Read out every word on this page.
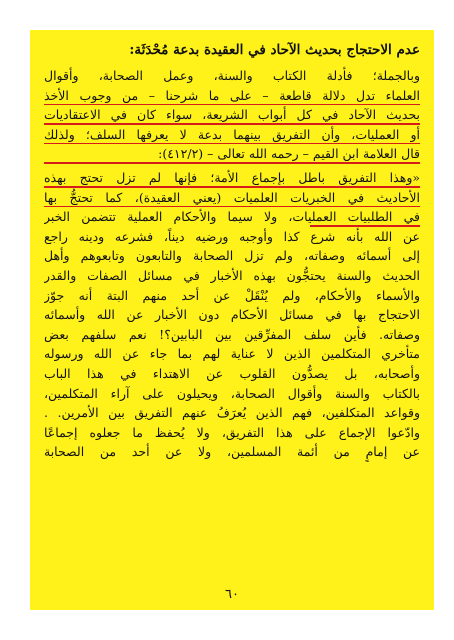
عدم الاحتجاج بحديث الآحاد في العقيدة بدعة مُحْدَثَة:
وبالجملة؛ فأدلة الكتاب والسنة، وعمل الصحابة، وأقوال
العلماء تدل دلالة قاطعة – على ما شرحنا – من وجوب الأخذ
بحديث الآحاد في كل أبواب الشريعة، سواء كان في الاعتقاديات
أو العمليات، وأن التفريق بينهما بدعة لا يعرفها السلف؛ ولذلك
قال العلامة ابن القيم – رحمه الله تعالى – (٤١٢/٢):
«وهذا التفريق باطل بإجماع الأمة؛ فإنها لم تزل تحتج بهذه
الأحاديث في الخبريات العلميات (يعني العقيدة)، كما تحتجُّ بها
في الطلبيات العمليات، ولا سيما والأحكام العملية تتضمن الخبر
عن الله بأنه شرع كذا وأوجبه ورضيه ديناً، فشرعه ودينه راجع
إلى أسمائه وصفاته، ولم تزل الصحابة والتابعون وتابعوهم وأهل
الحديث والسنة يحتجُّون بهذه الأخبار في مسائل الصفات والقدر
والأسماء والأحكام، ولم يُنْقَلْ عن أحد منهم البتة أنه جوّز
الاحتجاج بها في مسائل الأحكام دون الأخبار عن الله وأسمائه
وصفاته. فأين سلف المفرِّقين بين البابين؟! نعم سلفهم بعض
متأخري المتكلمين الذين لا عناية لهم بما جاء عن الله ورسوله
وأصحابه، بل يصدُّون القلوب عن الاهتداء في هذا الباب
بالكتاب والسنة وأقوال الصحابة، ويحيلون على آراء المتكلمين،
وقواعد المتكلفين، فهم الذين يُعرَفُ عنهم التفريق بين الأمرين. .
وادّعوا الإجماع على هذا التفريق، ولا يُحفظ ما جعلوه إجماعًا
عن إمامٍ من أئمة المسلمين، ولا عن أحد من الصحابة
٦٠
